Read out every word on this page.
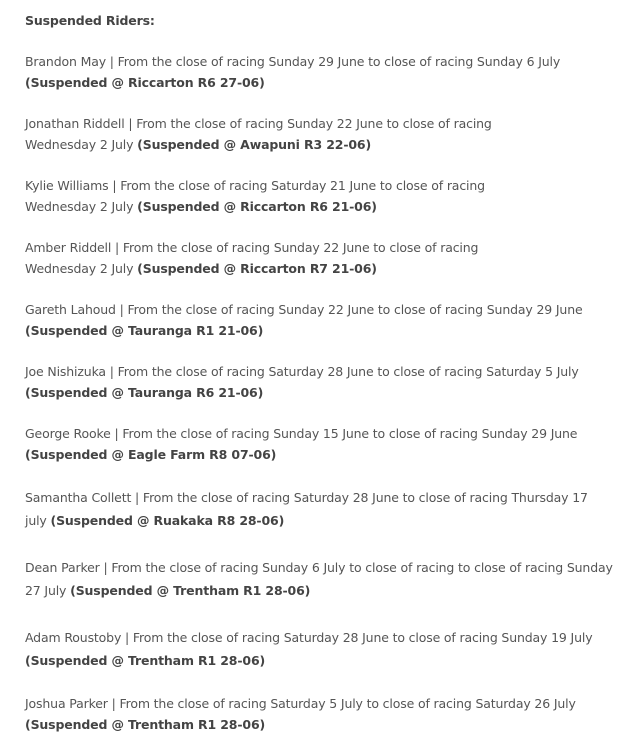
Suspended Riders:

Brandon May | From the close of racing Sunday 29 June to close of racing Sunday 6 July (Suspended @ Riccarton R6 27-06)

Jonathan Riddell | From the close of racing Sunday 22 June to close of racing Wednesday 2 July (Suspended @ Awapuni R3 22-06)

Kylie Williams | From the close of racing Saturday 21 June to close of racing Wednesday 2 July (Suspended @ Riccarton R6 21-06)

Amber Riddell | From the close of racing Sunday 22 June to close of racing Wednesday 2 July (Suspended @ Riccarton R7 21-06)

Gareth Lahoud | From the close of racing Sunday 22 June to close of racing Sunday 29 June (Suspended @ Tauranga R1 21-06)

Joe Nishizuka | From the close of racing Saturday 28 June to close of racing Saturday 5 July (Suspended @ Tauranga R6 21-06)

George Rooke | From the close of racing Sunday 15 June to close of racing Sunday 29 June (Suspended @ Eagle Farm R8 07-06)

Samantha Collett | From the close of racing Saturday 28 June to close of racing Thursday 17 july (Suspended @ Ruakaka R8 28-06)

Dean Parker | From the close of racing Sunday 6 July to close of racing to close of racing Sunday 27 July (Suspended @ Trentham R1 28-06)

Adam Roustoby | From the close of racing Saturday 28 June to close of racing Sunday 19 July (Suspended @ Trentham R1 28-06)

Joshua Parker | From the close of racing Saturday 5 July to close of racing Saturday 26 July (Suspended @ Trentham R1 28-06)
